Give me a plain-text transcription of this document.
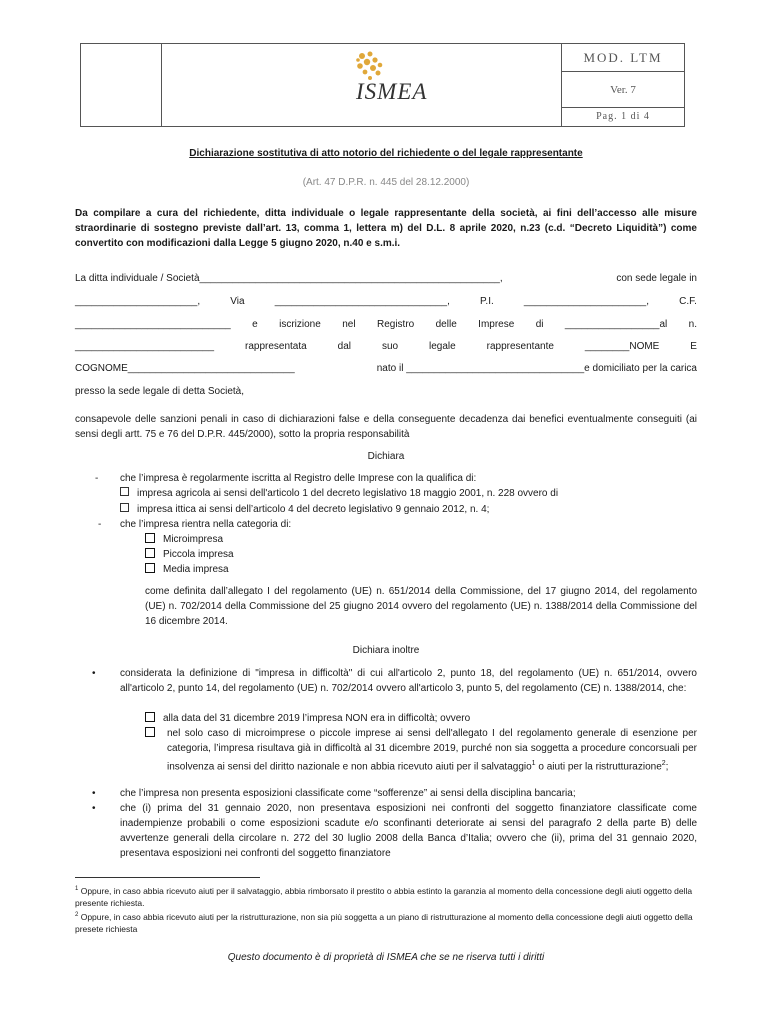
MOD. LTM
Ver. 7
Pag. 1 di 4
ISMEA
Dichiarazione sostitutiva di atto notorio del richiedente o del legale rappresentante
(Art. 47 D.P.R. n. 445 del 28.12.2000)
Da compilare a cura del richiedente, ditta individuale o legale rappresentante della società, ai fini dell’accesso alle misure straordinarie di sostegno previste dall’art. 13, comma 1, lettera m) del D.L. 8 aprile 2020, n.23 (c.d. “Decreto Liquidità”) come convertito con modificazioni dalla Legge 5 giugno 2020, n.40 e s.m.i.
La ditta individuale / Società______________________________________________________,	con sede legale in
______________________,	Via	_______________________________,	P.I.	______________________,	C.F.
____________________________ e iscrizione nel Registro delle Imprese di _________________al n.
_________________________	rappresentata	dal	suo	legale	rappresentante	________NOME	E
COGNOME______________________________	nato il ________________________________e domiciliato per la carica
presso la sede legale di detta Società,
consapevole delle sanzioni penali in caso di dichiarazioni false e della conseguente decadenza dai benefici eventualmente conseguiti (ai sensi degli artt. 75 e 76 del D.P.R. 445/2000), sotto la propria responsabilità
Dichiara
- che l’impresa è regolarmente iscritta al Registro delle Imprese con la qualifica di:
impresa agricola ai sensi dell'articolo 1 del decreto legislativo 18 maggio 2001, n. 228 ovvero di
impresa ittica ai sensi dell’articolo 4 del decreto legislativo 9 gennaio 2012, n. 4;
- che l’impresa rientra nella categoria di:
Microimpresa
Piccola impresa
Media impresa
come definita dall’allegato I del regolamento (UE) n. 651/2014 della Commissione, del 17 giugno 2014, del regolamento (UE) n. 702/2014 della Commissione del 25 giugno 2014 ovvero del regolamento (UE) n. 1388/2014 della Commissione del 16 dicembre 2014.
Dichiara inoltre
• considerata la definizione di "impresa in difficoltà" di cui all'articolo 2, punto 18, del regolamento (UE) n. 651/2014, ovvero all'articolo 2, punto 14, del regolamento (UE) n. 702/2014 ovvero all'articolo 3, punto 5, del regolamento (CE) n. 1388/2014, che:
alla data del 31 dicembre 2019 l’impresa NON era in difficoltà; ovvero
nel solo caso di microimprese o piccole imprese ai sensi dell'allegato I del regolamento generale di esenzione per categoria, l’impresa risultava già in difficoltà al 31 dicembre 2019, purché non sia soggetta a procedure concorsuali per insolvenza ai sensi del diritto nazionale e non abbia ricevuto aiuti per il salvataggio$^1$ o aiuti per la ristrutturazione$^2$;
• che l’impresa non presenta esposizioni classificate come “sofferenze” ai sensi della disciplina bancaria;
• che (i) prima del 31 gennaio 2020, non presentava esposizioni nei confronti del soggetto finanziatore classificate come inadempienze probabili o come esposizioni scadute e/o sconfinanti deteriorate ai sensi del paragrafo 2 della parte B) delle avvertenze generali della circolare n. 272 del 30 luglio 2008 della Banca d’Italia; ovvero che (ii), prima del 31 gennaio 2020, presentava esposizioni nei confronti del soggetto finanziatore
$^1$ Oppure, in caso abbia ricevuto aiuti per il salvataggio, abbia rimborsato il prestito o abbia estinto la garanzia al momento della concessione degli aiuti oggetto della presente richiesta.
$^2$ Oppure, in caso abbia ricevuto aiuti per la ristrutturazione, non sia più soggetta a un piano di ristrutturazione al momento della concessione degli aiuti oggetto della presete richiesta
Questo documento è di proprietà di ISMEA che se ne riserva tutti i diritti
